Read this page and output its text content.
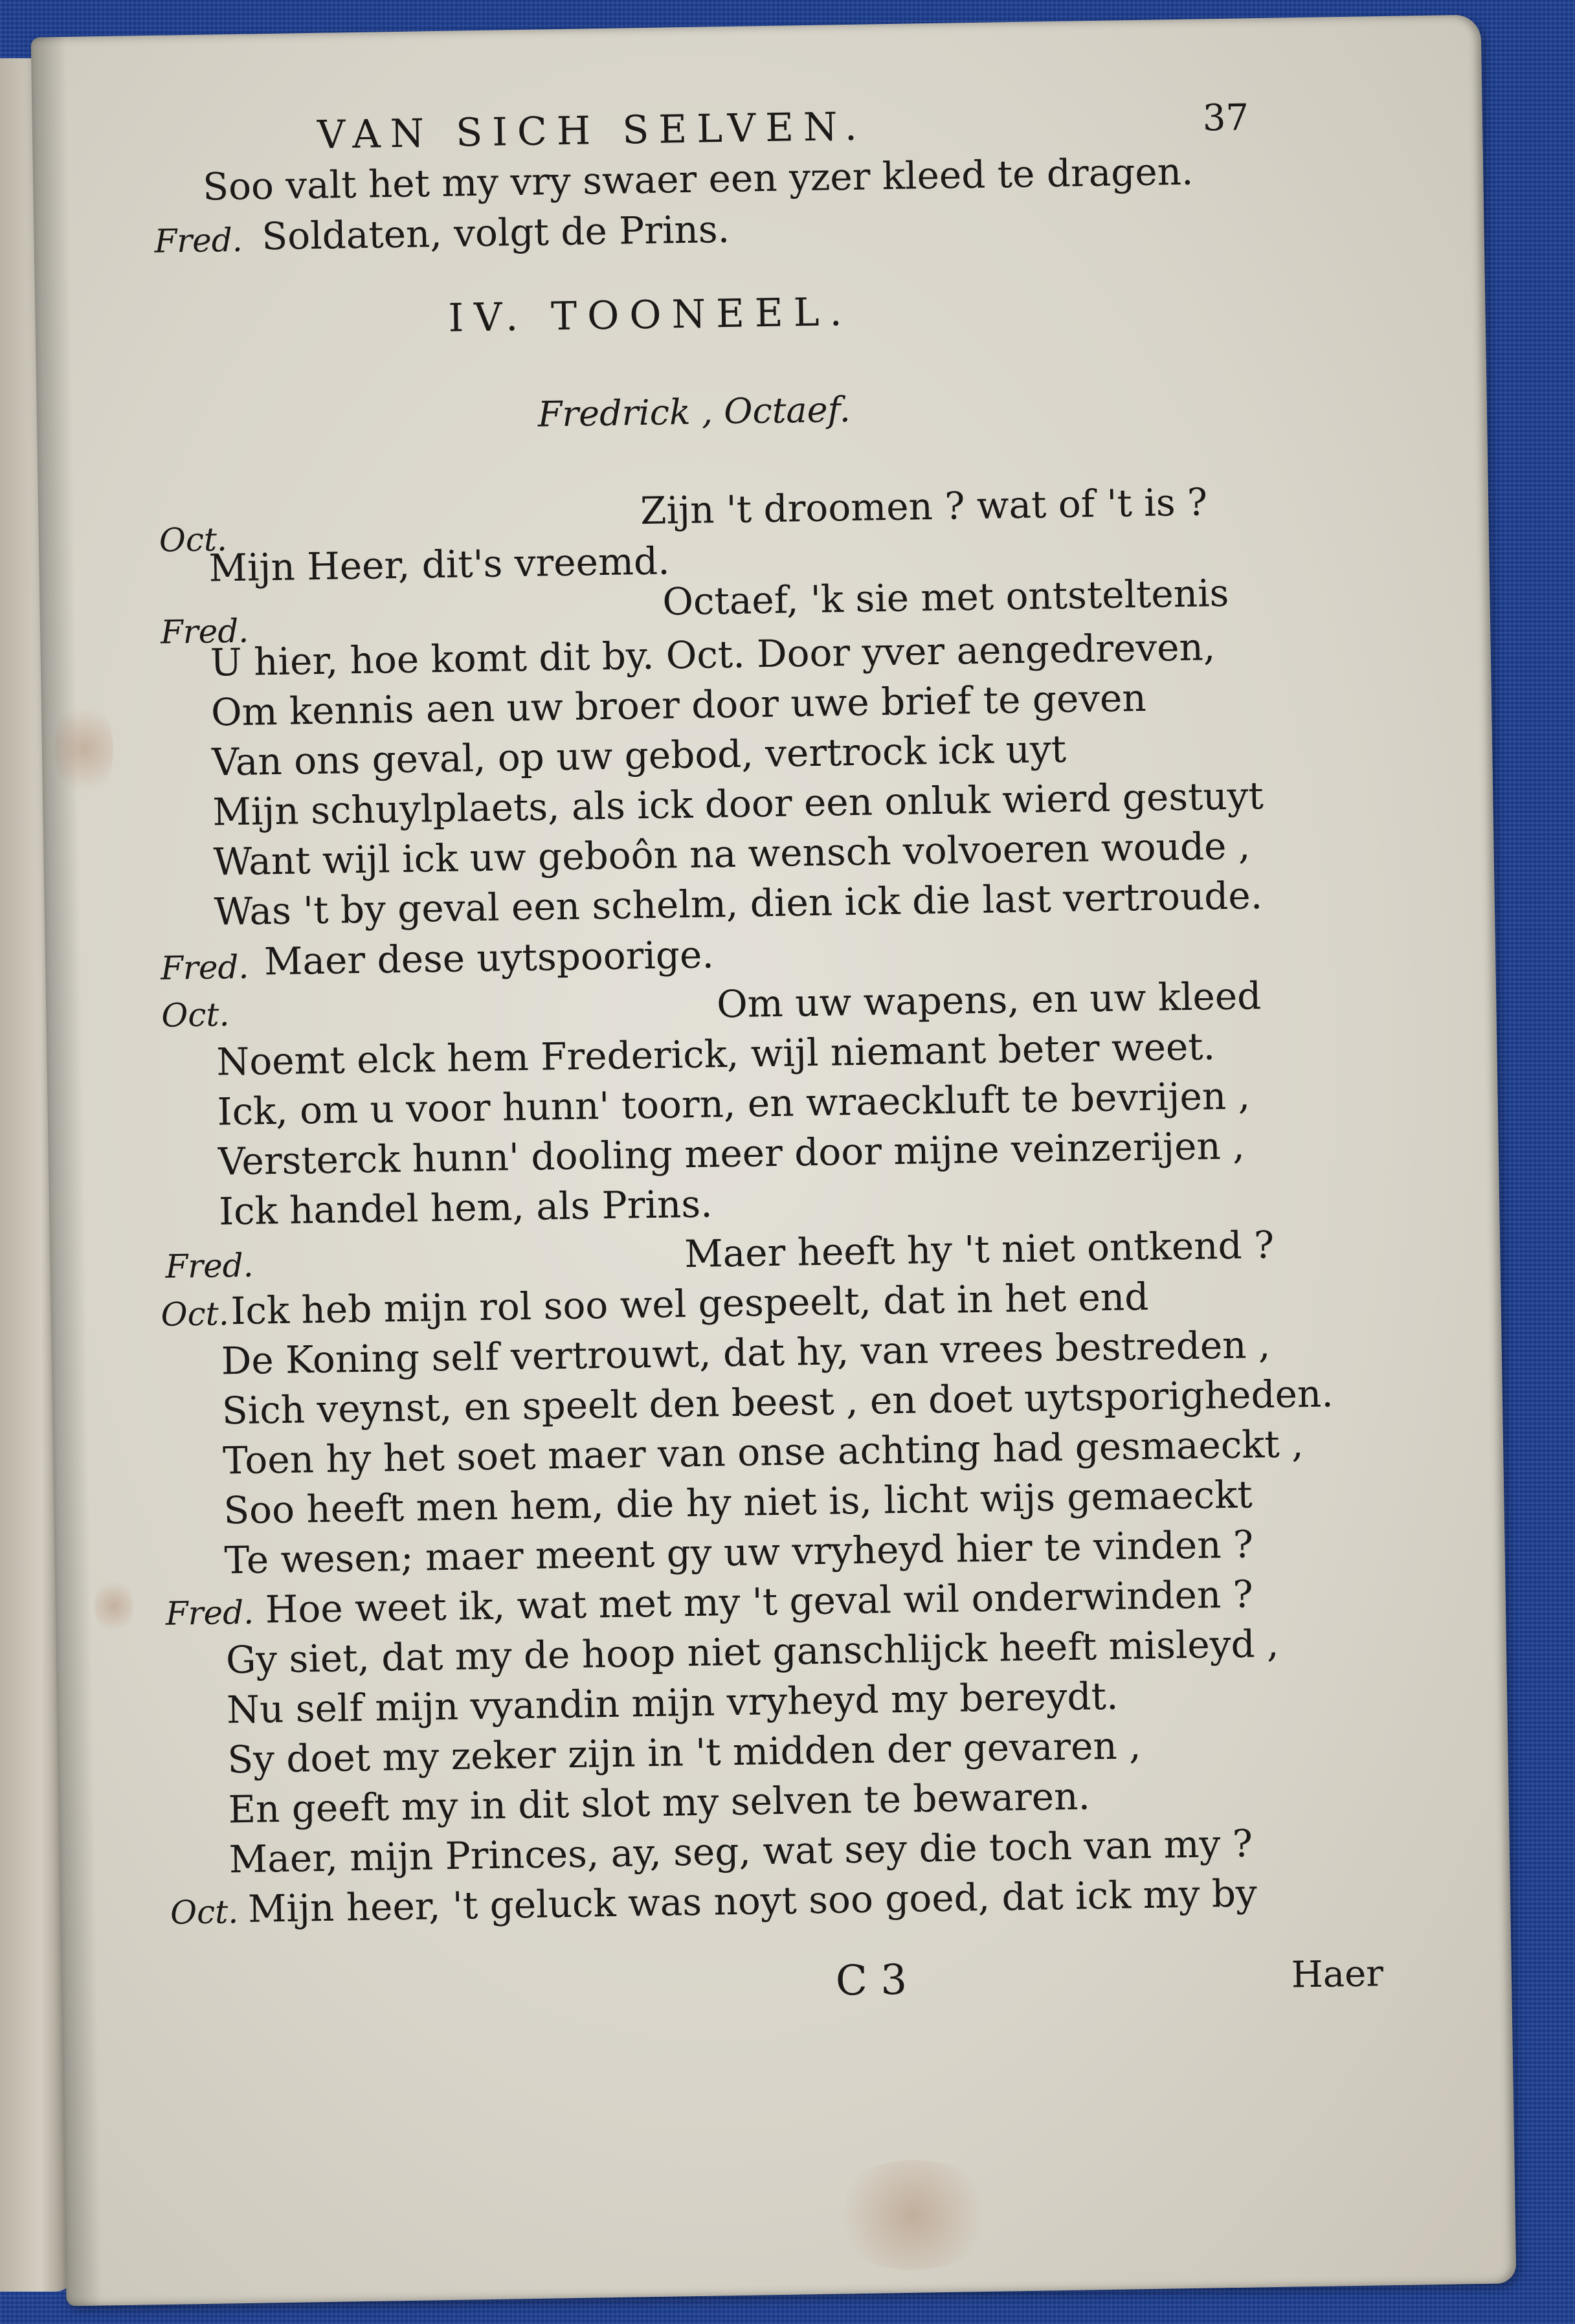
VAN SICH SELVEN.	37
Soo valt het my vry swaer een yzer kleed te dragen.
Fred. Soldaten, volgt de Prins.
IV. TOONEEL.
Fredrick , Octaef.
Oct.
Zijn 't droomen ? wat of 't is ?
Mijn Heer, dit's vreemd.
Fred.
Octaef, 'k sie met ontsteltenis
U hier, hoe komt dit by. Oct. Door yver aengedreven,
Om kennis aen uw broer door uwe brief te geven
Van ons geval, op uw gebod, vertrock ick uyt
Mijn schuylplaets, als ick door een onluk wierd gestuyt
Want wijl ick uw geboôn na wensch volvoeren woude ,
Was 't by geval een schelm, dien ick die last vertroude.
Fred. Maer dese uytspoorige.
Oct.	Om uw wapens, en uw kleed
Noemt elck hem Frederick, wijl niemant beter weet.
Ick, om u voor hunn' toorn, en wraeckluft te bevrijen ,
Versterck hunn' dooling meer door mijne veinzerijen ,
Ick handel hem, als Prins.
Fred.	Maer heeft hy 't niet ontkend ?
Oct. Ick heb mijn rol soo wel gespeelt, dat in het end
De Koning self vertrouwt, dat hy, van vrees bestreden ,
Sich veynst, en speelt den beest , en doet uytsporigheden.
Toen hy het soet maer van onse achting had gesmaeckt ,
Soo heeft men hem, die hy niet is, licht wijs gemaeckt
Te wesen; maer meent gy uw vryheyd hier te vinden ?
Fred. Hoe weet ik, wat met my 't geval wil onderwinden ?
Gy siet, dat my de hoop niet ganschlijck heeft misleyd ,
Nu self mijn vyandin mijn vryheyd my bereydt.
Sy doet my zeker zijn in 't midden der gevaren ,
En geeft my in dit slot my selven te bewaren.
Maer, mijn Princes, ay, seg, wat sey die toch van my ?
Oct. Mijn heer, 't geluck was noyt soo goed, dat ick my by
C 3	Haer
